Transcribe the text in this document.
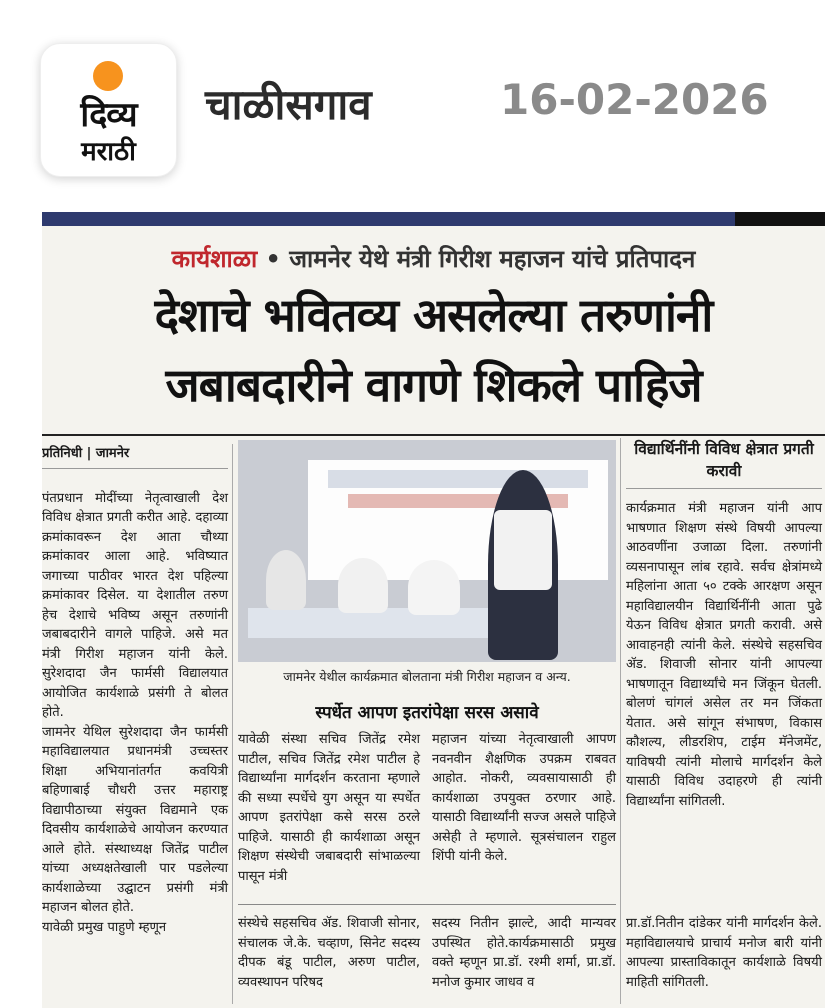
दिव्य
मराठी
चाळीसगाव	16-02-2026
कार्यशाळा • जामनेर येथे मंत्री गिरीश महाजन यांचे प्रतिपादन
देशाचे भवितव्य असलेल्या तरुणांनी
जबाबदारीने वागणे शिकले पाहिजे
प्रतिनिधी | जामनेर

पंतप्रधान मोदींच्या नेतृत्वाखाली देश विविध क्षेत्रात प्रगती करीत आहे. दहाव्या क्रमांकावरून देश आता चौथ्या क्रमांकावर आला आहे. भविष्यात जगाच्या पाठीवर भारत देश पहिल्या क्रमांकावर दिसेल. या देशातील तरुण हेच देशाचे भविष्य असून तरुणांनी जबाबदारीने वागले पाहिजे. असे मत मंत्री गिरीश महाजन यांनी केले. सुरेशदादा जैन फार्मसी विद्यालयात आयोजित कार्यशाळे प्रसंगी ते बोलत होते.

जामनेर येथिल सुरेशदादा जैन फार्मसी महाविद्यालयात प्रधानमंत्री उच्चस्तर शिक्षा अभियानांतर्गत कवयित्री बहिणाबाई चौधरी उत्तर महाराष्ट्र विद्यापीठाच्या संयुक्त विद्यमाने एक दिवसीय कार्यशाळेचे आयोजन करण्यात आले होते. संस्थाध्यक्ष जितेंद्र पाटील यांच्या अध्यक्षतेखाली पार पडलेल्या कार्यशाळेच्या उद्घाटन प्रसंगी मंत्री महाजन बोलत होते.

यावेळी प्रमुख पाहुणे म्हणून

जामनेर येथील कार्यक्रमात बोलताना मंत्री गिरीश महाजन व अन्य.
स्पर्धेत आपण इतरांपेक्षा सरस असावे
यावेळी संस्था सचिव जितेंद्र रमेश पाटील, सचिव जितेंद्र रमेश पाटील हे विद्यार्थ्यांना मार्गदर्शन करताना म्हणाले की सध्या स्पर्धेचे युग असून या स्पर्धेत आपण इतरांपेक्षा कसे सरस ठरले पाहिजे. यासाठी ही कार्यशाळा असून शिक्षण संस्थेची जबाबदारी सांभाळल्या पासून मंत्री
महाजन यांच्या नेतृत्वाखाली आपण नवनवीन शैक्षणिक उपक्रम राबवत आहोत. नोकरी, व्यवसायासाठी ही कार्यशाळा उपयुक्त ठरणार आहे. यासाठी विद्यार्थ्यांनी सज्ज असले पाहिजे असेही ते म्हणाले. सूत्रसंचालन राहुल शिंपी यांनी केले.
संस्थेचे सहसचिव ॲड. शिवाजी सोनार, संचालक जे.के. चव्हाण, सिनेट सदस्य दीपक बंडू पाटील, अरुण पाटील, व्यवस्थापन परिषद
सदस्य नितीन झाल्टे, आदी मान्यवर उपस्थित होते.कार्यक्रमासाठी प्रमुख वक्ते म्हणून प्रा.डॉ. रश्मी शर्मा, प्रा.डॉ. मनोज कुमार जाधव व
विद्यार्थिनींनी विविध क्षेत्रात प्रगती करावी
कार्यक्रमात मंत्री महाजन यांनी आप भाषणात शिक्षण संस्थे विषयी आपल्या आठवणींना उजाळा दिला. तरुणांनी व्यसनापासून लांब रहावे. सर्वच क्षेत्रांमध्ये महिलांना आता ५० टक्के आरक्षण असून महाविद्यालयीन विद्यार्थिनींनी आता पुढे येऊन विविध क्षेत्रात प्रगती करावी. असे आवाहनही त्यांनी केले. संस्थेचे सहसचिव ॲड. शिवाजी सोनार यांनी आपल्या भाषणातून विद्यार्थ्यांचे मन जिंकून घेतली. बोलणं चांगलं असेल तर मन जिंकता येतात. असे सांगून संभाषण, विकास कौशल्य, लीडरशिप, टाईम मॅनेजमेंट, याविषयी त्यांनी मोलाचे मार्गदर्शन केले यासाठी विविध उदाहरणे ही त्यांनी विद्यार्थ्यांना सांगितली.
प्रा.डॉ.नितीन दांडेकर यांनी मार्गदर्शन केले. महाविद्यालयाचे प्राचार्य मनोज बारी यांनी आपल्या प्रास्ताविकातून कार्यशाळे विषयी माहिती सांगितली.
